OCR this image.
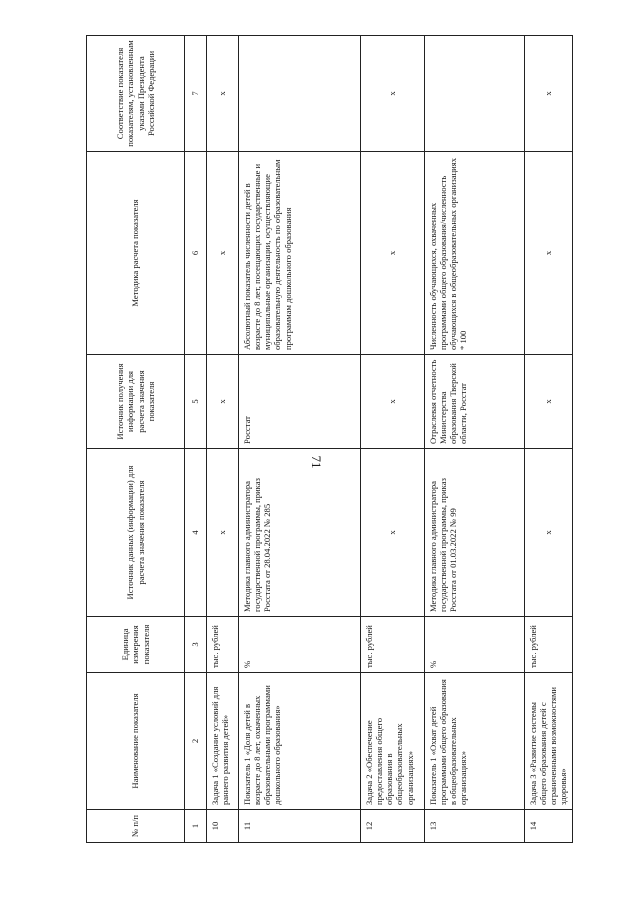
71
№ п/п	Наименование показателя	Единица измерения показателя	Источник данных (информации) для расчета значения показателя	Источник получения информации для расчета значения показателя	Методика расчета показателя	Соответствие показателя показателям, установленным указами Президента Российской Федерации
1	2	3	4	5	6	7
10	Задача 1 «Создание условий для раннего развития детей»	тыс. рублей	х	х	х	х
11	Показатель 1 «Доля детей в возрасте до 8 лет, охваченных образовательными программами дошкольного образования»	%	Методика главного администратора государственной программы, приказ Росстата от 28.04.2022 № 285	Росстат	Абсолютный показатель численности детей в возрасте до 8 лет, посещающих государственные и муниципальные организации, осуществляющие образовательную деятельность по образовательным программам дошкольного образования	
12	Задача 2 «Обеспечение предоставления общего образования в общеобразовательных организациях»	тыс. рублей	х	х	х	х
13	Показатель 1 «Охват детей программами общего образования в общеобразовательных организациях»	%	Методика главного администратора государственной программы, приказ Росстата от 01.03.2022 № 99	Отраслевая отчетность Министерства образования Тверской области, Росстат	Численность обучающихся, охваченных программами общего образования/численность обучающихся в общеобразовательных организациях * 100	
14	Задача 3 «Развитие системы общего образования детей с ограниченными возможностями здоровья»	тыс. рублей	х	х	х	х
